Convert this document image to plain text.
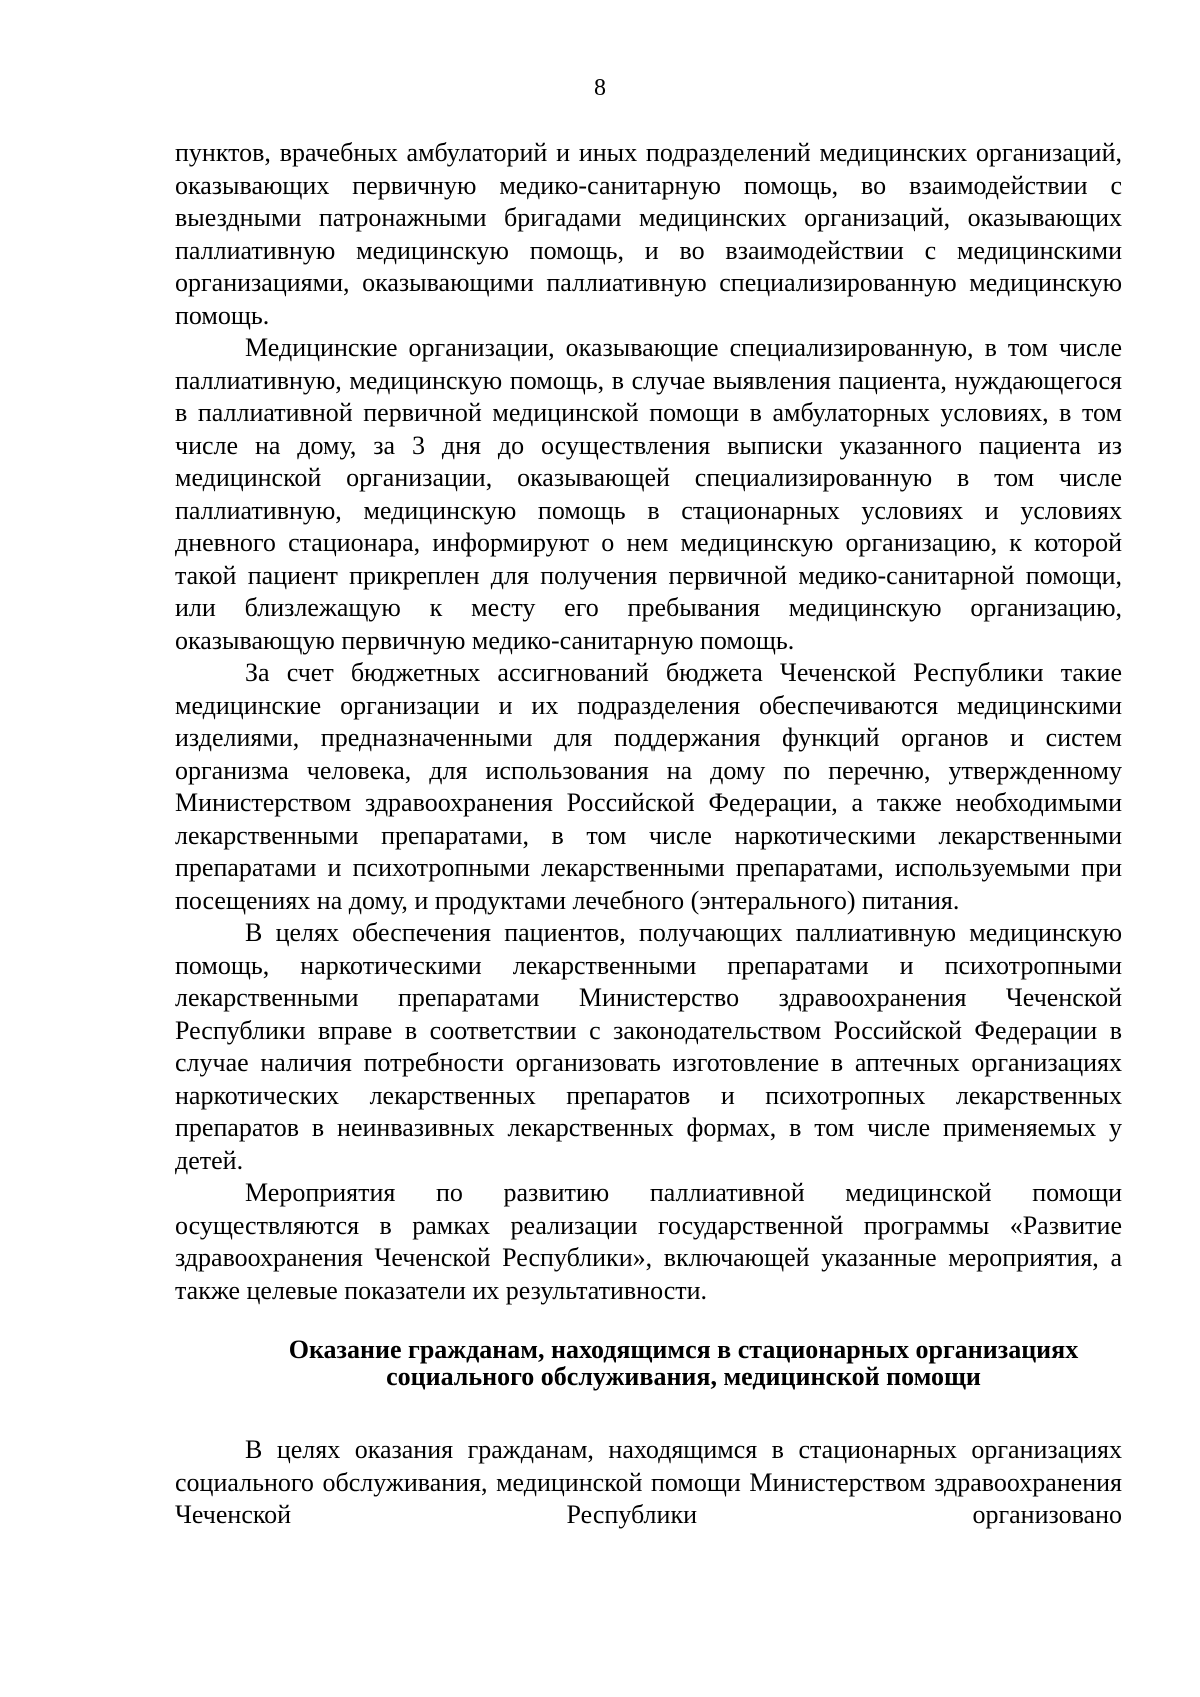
8

пунктов, врачебных амбулаторий и иных подразделений медицинских организаций, оказывающих первичную медико-санитарную помощь, во взаимодействии с выездными патронажными бригадами медицинских организаций, оказывающих паллиативную медицинскую помощь, и во взаимодействии с медицинскими организациями, оказывающими паллиативную специализированную медицинскую помощь.

Медицинские организации, оказывающие специализированную, в том числе паллиативную, медицинскую помощь, в случае выявления пациента, нуждающегося в паллиативной первичной медицинской помощи в амбулаторных условиях, в том числе на дому, за 3 дня до осуществления выписки указанного пациента из медицинской организации, оказывающей специализированную в том числе паллиативную, медицинскую помощь в стационарных условиях и условиях дневного стационара, информируют о нем медицинскую организацию, к которой такой пациент прикреплен для получения первичной медико-санитарной помощи, или близлежащую к месту его пребывания медицинскую организацию, оказывающую первичную медико-санитарную помощь.

За счет бюджетных ассигнований бюджета Чеченской Республики такие медицинские организации и их подразделения обеспечиваются медицинскими изделиями, предназначенными для поддержания функций органов и систем организма человека, для использования на дому по перечню, утвержденному Министерством здравоохранения Российской Федерации, а также необходимыми лекарственными препаратами, в том числе наркотическими лекарственными препаратами и психотропными лекарственными препаратами, используемыми при посещениях на дому, и продуктами лечебного (энтерального) питания.

В целях обеспечения пациентов, получающих паллиативную медицинскую помощь, наркотическими лекарственными препаратами и психотропными лекарственными препаратами Министерство здравоохранения Чеченской Республики вправе в соответствии с законодательством Российской Федерации в случае наличия потребности организовать изготовление в аптечных организациях наркотических лекарственных препаратов и психотропных лекарственных препаратов в неинвазивных лекарственных формах, в том числе применяемых у детей.

Мероприятия по развитию паллиативной медицинской помощи осуществляются в рамках реализации государственной программы «Развитие здравоохранения Чеченской Республики», включающей указанные мероприятия, а также целевые показатели их результативности.

Оказание гражданам, находящимся в стационарных организациях социального обслуживания, медицинской помощи

В целях оказания гражданам, находящимся в стационарных организациях социального обслуживания, медицинской помощи Министерством здравоохранения Чеченской Республики организовано
